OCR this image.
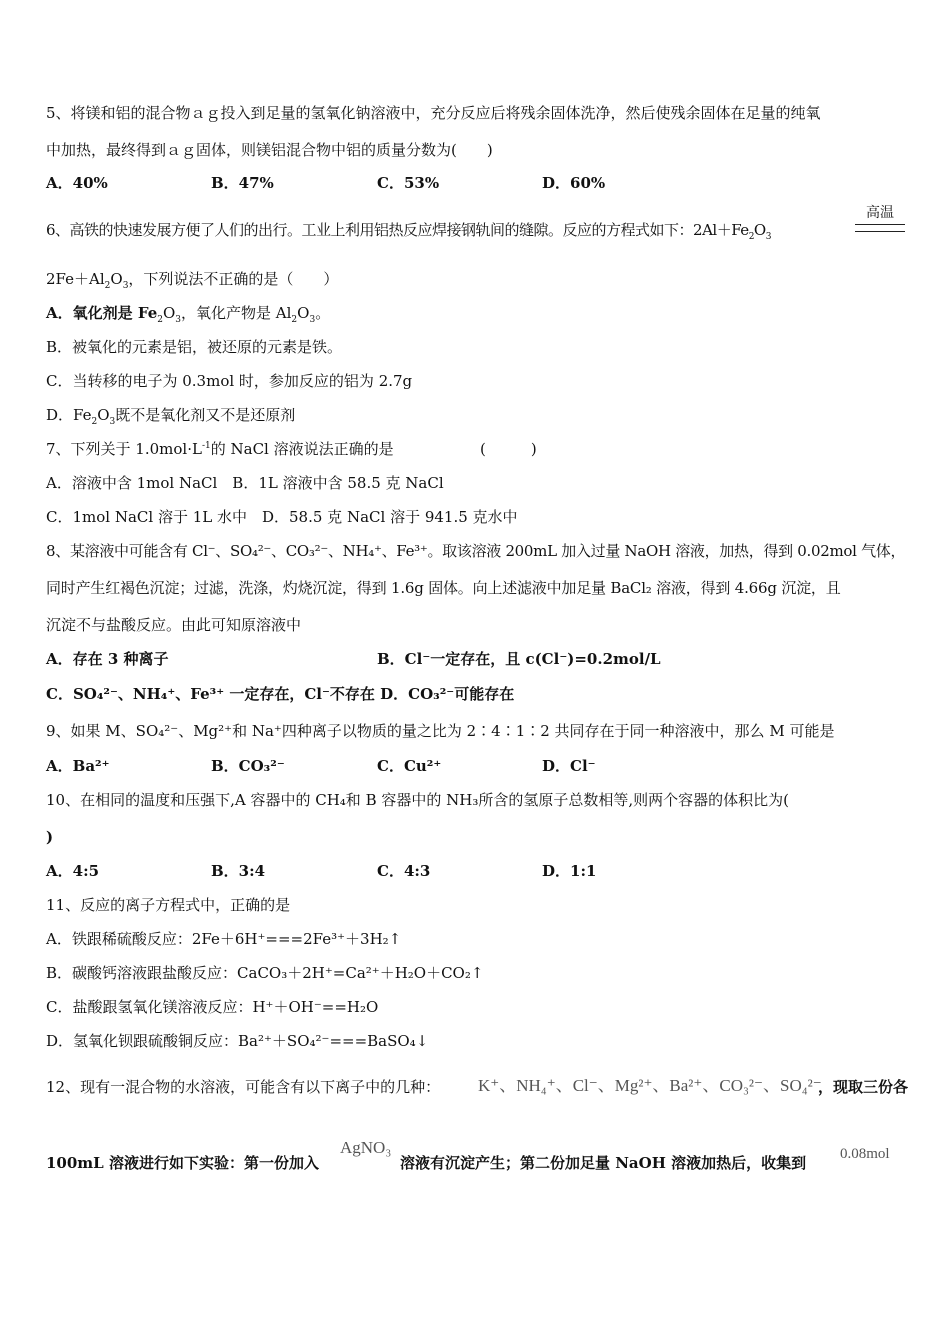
5、将镁和铝的混合物ａｇ投入到足量的氢氧化钠溶液中，充分反应后将残余固体洗净，然后使残余固体在足量的纯氧
中加热，最终得到ａｇ固体，则镁铝混合物中铝的质量分数为(　　)
A．40%	B．47%	C．53%	D．60%
6、高铁的快速发展方便了人们的出行。工业上利用铝热反应焊接钢轨间的缝隙。反应的方程式如下：$2Al+Fe_2O_3$
高温
$2Fe+Al_2O_3$，下列说法不正确的是（　　）
A．氧化剂是 $Fe_2O_3$，氧化产物是 $Al_2O_3$。
B．被氧化的元素是铝，被还原的元素是铁。
C．当转移的电子为 0.3mol 时，参加反应的铝为 2.7g
D．$Fe_2O_3$既不是氧化剂又不是还原剂
7、下列关于 $1.0mol\cdot L^{-1}$的 NaCl 溶液说法正确的是	(　　　)
A．溶液中含 1mol NaCl　B．1L 溶液中含 58.5 克 NaCl
C．1mol NaCl 溶于 1L 水中　D．58.5 克 NaCl 溶于 941.5 克水中
8、某溶液中可能含有 Cl⁻、SO₄²⁻、CO₃²⁻、NH₄⁺、Fe³⁺。取该溶液 200mL 加入过量 NaOH 溶液，加热，得到 0.02mol 气体，
同时产生红褐色沉淀；过滤，洗涤，灼烧沉淀，得到 1.6g 固体。向上述滤液中加足量 BaCl₂ 溶液，得到 4.66g 沉淀，且
沉淀不与盐酸反应。由此可知原溶液中
A．存在 3 种离子	B．Cl⁻一定存在，且 c(Cl⁻)=0.2mol/L
C．SO₄²⁻、NH₄⁺、Fe³⁺ 一定存在，Cl⁻不存在 D．CO₃²⁻可能存在
9、如果 M、SO₄²⁻、Mg²⁺和 Na⁺四种离子以物质的量之比为 2∶4∶1∶2 共同存在于同一种溶液中，那么 M 可能是
A．Ba²⁺	B．CO₃²⁻	C．Cu²⁺	D．Cl⁻
10、在相同的温度和压强下,A 容器中的 CH₄和 B 容器中的 NH₃所含的氢原子总数相等,则两个容器的体积比为(
)
A．4:5	B．3:4	C．4:3	D．1:1
11、反应的离子方程式中，正确的是
A．铁跟稀硫酸反应：2Fe＋6H⁺===2Fe³⁺＋3H₂↑
B．碳酸钙溶液跟盐酸反应：CaCO₃＋2H⁺=Ca²⁺＋H₂O＋CO₂↑
C．盐酸跟氢氧化镁溶液反应：H⁺＋OH⁻==H₂O
D．氢氧化钡跟硫酸铜反应：Ba²⁺＋SO₄²⁻===BaSO₄↓
12、现有一混合物的水溶液，可能含有以下离子中的几种： K⁺、NH₄⁺、Cl⁻、Mg²⁺、Ba²⁺、CO₃²⁻、SO₄²⁻
，现取三份各
100mL 溶液进行如下实验：第一份加入
AgNO₃
溶液有沉淀产生；第二份加足量 NaOH 溶液加热后，收集到 0.08mol
